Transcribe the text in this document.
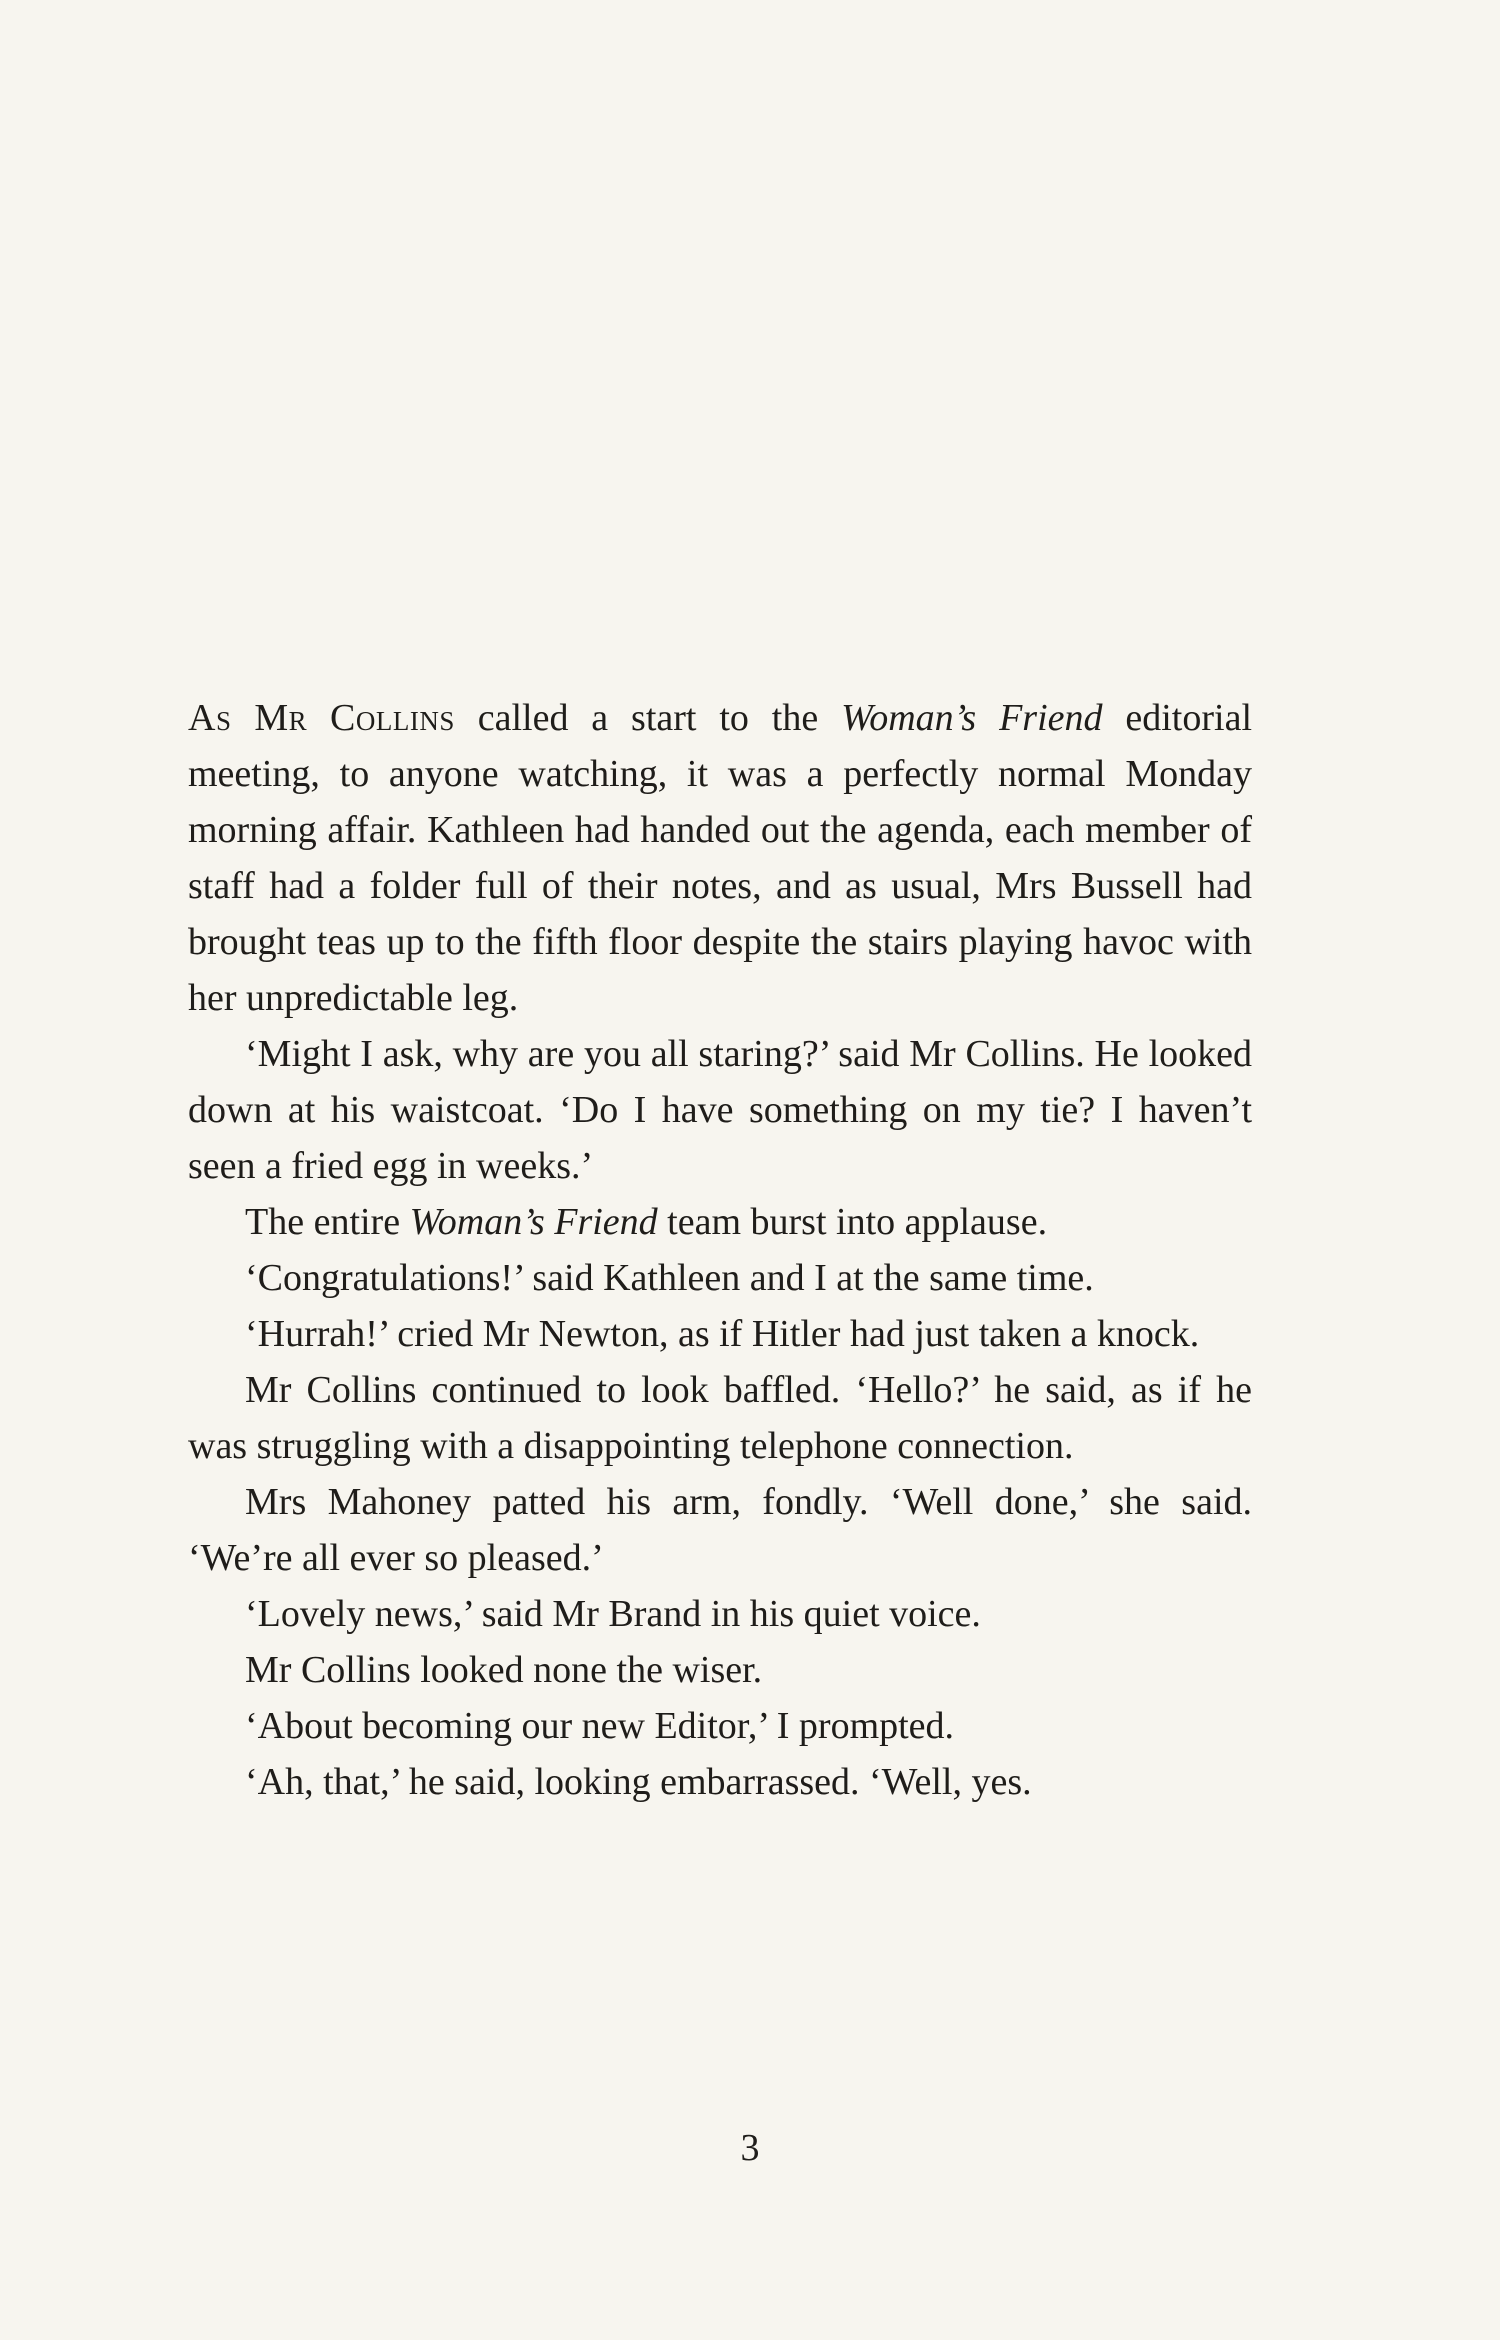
As Mr Collins called a start to the Woman’s Friend editorial meeting, to anyone watching, it was a perfectly normal Monday morning affair. Kathleen had handed out the agenda, each member of staff had a folder full of their notes, and as usual, Mrs Bussell had brought teas up to the fifth floor despite the stairs playing havoc with her unpredictable leg.

‘Might I ask, why are you all staring?’ said Mr Collins. He looked down at his waistcoat. ‘Do I have something on my tie? I haven’t seen a fried egg in weeks.’

The entire Woman’s Friend team burst into applause.

‘Congratulations!’ said Kathleen and I at the same time.

‘Hurrah!’ cried Mr Newton, as if Hitler had just taken a knock.

Mr Collins continued to look baffled. ‘Hello?’ he said, as if he was struggling with a disappointing telephone connection.

Mrs Mahoney patted his arm, fondly. ‘Well done,’ she said. ‘We’re all ever so pleased.’

‘Lovely news,’ said Mr Brand in his quiet voice.

Mr Collins looked none the wiser.

‘About becoming our new Editor,’ I prompted.

‘Ah, that,’ he said, looking embarrassed. ‘Well, yes.

3
